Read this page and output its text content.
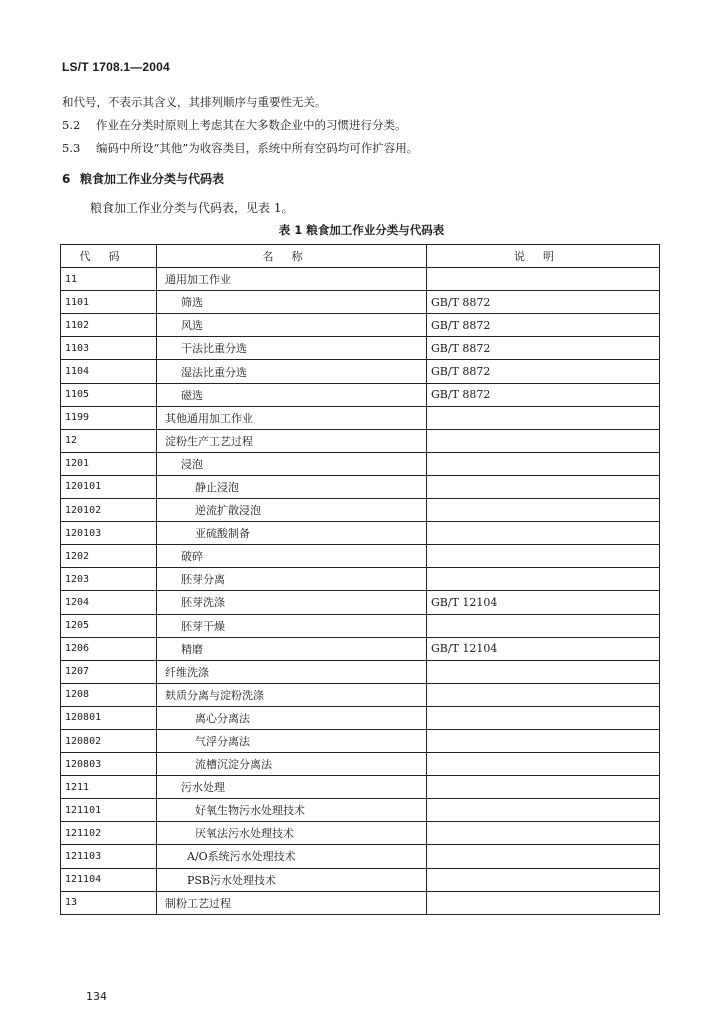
LS/T 1708.1—2004
和代号，不表示其含义，其排列顺序与重要性无关。
5.2 作业在分类时原则上考虑其在大多数企业中的习惯进行分类。
5.3 编码中所设“其他”为收容类目，系统中所有空码均可作扩容用。
6 粮食加工作业分类与代码表
粮食加工作业分类与代码表，见表 1。
表 1 粮食加工作业分类与代码表
代码	名称	说明
11	通用加工作业	
1101	筛选	GB/T 8872
1102	风选	GB/T 8872
1103	干法比重分选	GB/T 8872
1104	湿法比重分选	GB/T 8872
1105	磁选	GB/T 8872
1199	其他通用加工作业	
12	淀粉生产工艺过程	
1201	浸泡	
120101	静止浸泡	
120102	逆流扩散浸泡	
120103	亚硫酸制备	
1202	破碎	
1203	胚芽分离	
1204	胚芽洗涤	GB/T 12104
1205	胚芽干燥	
1206	精磨	GB/T 12104
1207	纤维洗涤	
1208	麸质分离与淀粉洗涤	
120801	离心分离法	
120802	气浮分离法	
120803	流槽沉淀分离法	
1211	污水处理	
121101	好氧生物污水处理技术	
121102	厌氧法污水处理技术	
121103	A/O系统污水处理技术	
121104	PSB污水处理技术	
13	制粉工艺过程	
134
